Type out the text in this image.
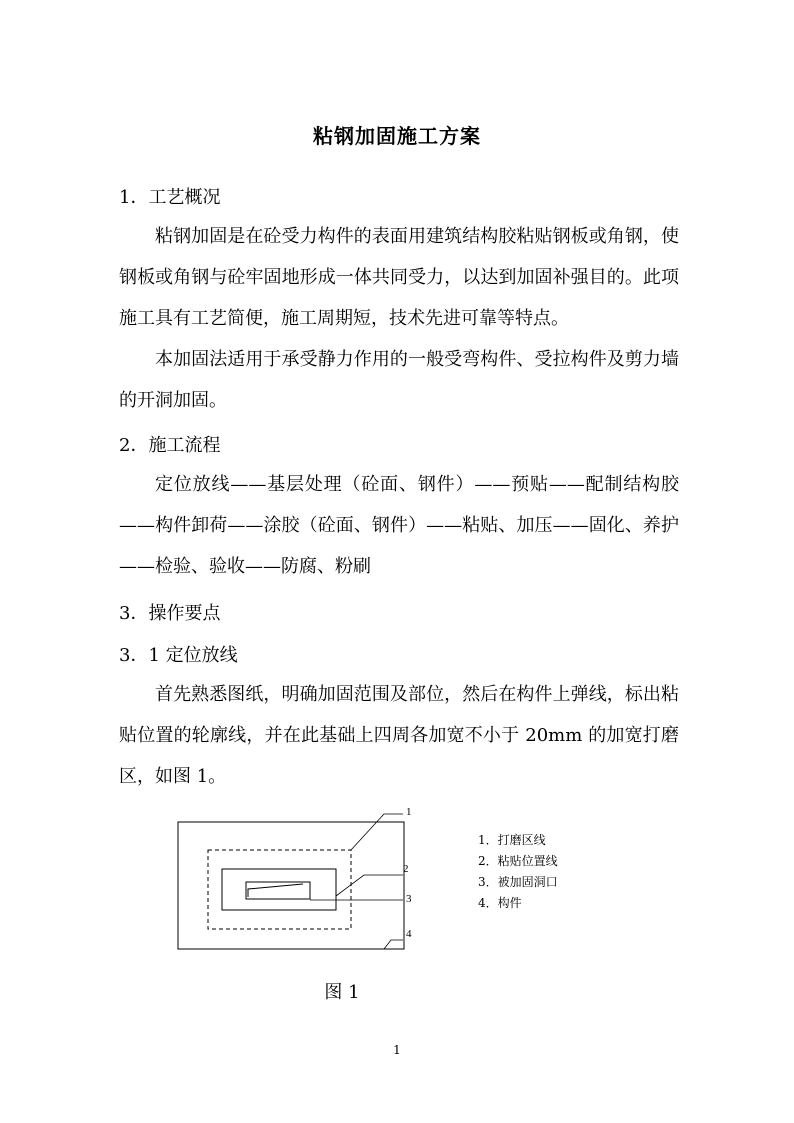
粘钢加固施工方案
1．工艺概况
粘钢加固是在砼受力构件的表面用建筑结构胶粘贴钢板或角钢，使钢板或角钢与砼牢固地形成一体共同受力，以达到加固补强目的。此项施工具有工艺简便，施工周期短，技术先进可靠等特点。
本加固法适用于承受静力作用的一般受弯构件、受拉构件及剪力墙的开洞加固。
2．施工流程
定位放线——基层处理（砼面、钢件）——预贴——配制结构胶——构件卸荷——涂胶（砼面、钢件）——粘贴、加压——固化、养护——检验、验收——防腐、粉刷
3．操作要点
3．1 定位放线
首先熟悉图纸，明确加固范围及部位，然后在构件上弹线，标出粘贴位置的轮廓线，并在此基础上四周各加宽不小于 20mm 的加宽打磨区，如图 1。
1
2
3
4
1．打磨区线
2．粘贴位置线
3．被加固洞口
4．构件
图 1
1
